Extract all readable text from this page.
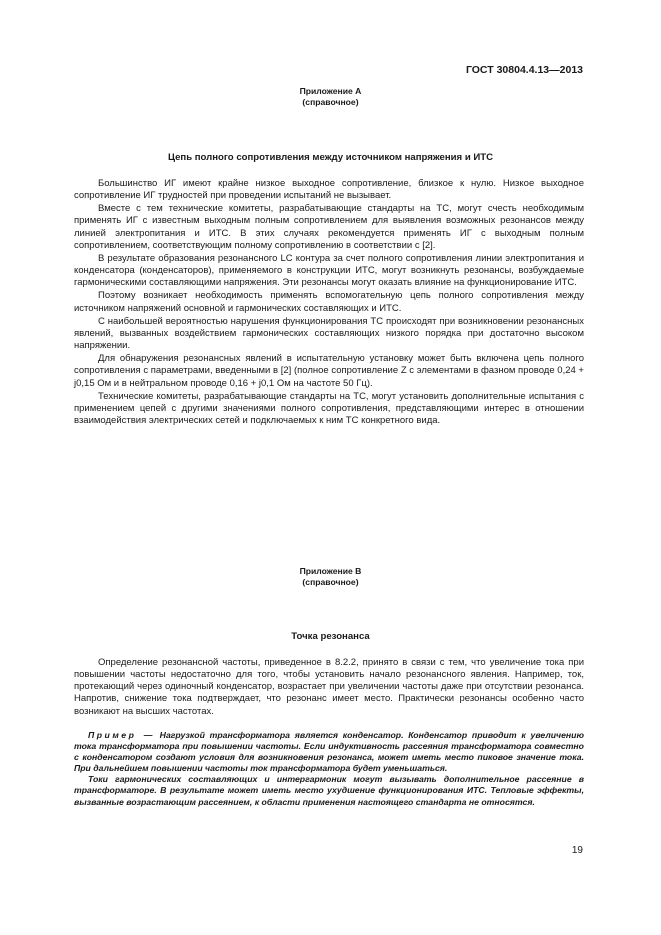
ГОСТ 30804.4.13—2013
Приложение А
(справочное)
Цепь полного сопротивления между источником напряжения и ИТС

Большинство ИГ имеют крайне низкое выходное сопротивление, близкое к нулю. Низкое выходное сопротивление ИГ трудностей при проведении испытаний не вызывает.

Вместе с тем технические комитеты, разрабатывающие стандарты на ТС, могут счесть необходимым применять ИГ с известным выходным полным сопротивлением для выявления возможных резонансов между линией электропитания и ИТС. В этих случаях рекомендуется применять ИГ с выходным полным сопротивлением, соответствующим полному сопротивлению в соответствии с [2].

В результате образования резонансного LC контура за счет полного сопротивления линии электропитания и конденсатора (конденсаторов), применяемого в конструкции ИТС, могут возникнуть резонансы, возбуждаемые гармоническими составляющими напряжения. Эти резонансы могут оказать влияние на функционирование ИТС.

Поэтому возникает необходимость применять вспомогательную цепь полного сопротивления между источником напряжений основной и гармонических составляющих и ИТС.

С наибольшей вероятностью нарушения функционирования ТС происходят при возникновении резонансных явлений, вызванных воздействием гармонических составляющих низкого порядка при достаточно высоком напряжении.

Для обнаружения резонансных явлений в испытательную установку может быть включена цепь полного сопротивления с параметрами, введенными в [2] (полное сопротивление Z с элементами в фазном проводе 0,24 + j0,15 Ом и в нейтральном проводе 0,16 + j0,1 Ом на частоте 50 Гц).

Технические комитеты, разрабатывающие стандарты на ТС, могут установить дополнительные испытания с применением цепей с другими значениями полного сопротивления, представляющими интерес в отношении взаимодействия электрических сетей и подключаемых к ним ТС конкретного вида.

Приложение В
(справочное)
Точка резонанса

Определение резонансной частоты, приведенное в 8.2.2, принято в связи с тем, что увеличение тока при повышении частоты недостаточно для того, чтобы установить начало резонансного явления. Например, ток, протекающий через одиночный конденсатор, возрастает при увеличении частоты даже при отсутствии резонанса. Напротив, снижение тока подтверждает, что резонанс имеет место. Практически резонансы особенно часто возникают на высших частотах.

Пример — Нагрузкой трансформатора является конденсатор. Конденсатор приводит к увеличению тока трансформатора при повышении частоты. Если индуктивность рассеяния трансформатора совместно с конденсатором создают условия для возникновения резонанса, может иметь место пиковое значение тока. При дальнейшем повышении частоты ток трансформатора будет уменьшаться.

Токи гармонических составляющих и интергармоник могут вызывать дополнительное рассеяние в трансформаторе. В результате может иметь место ухудшение функционирования ИТС. Тепловые эффекты, вызванные возрастающим рассеянием, к области применения настоящего стандарта не относятся.

19
